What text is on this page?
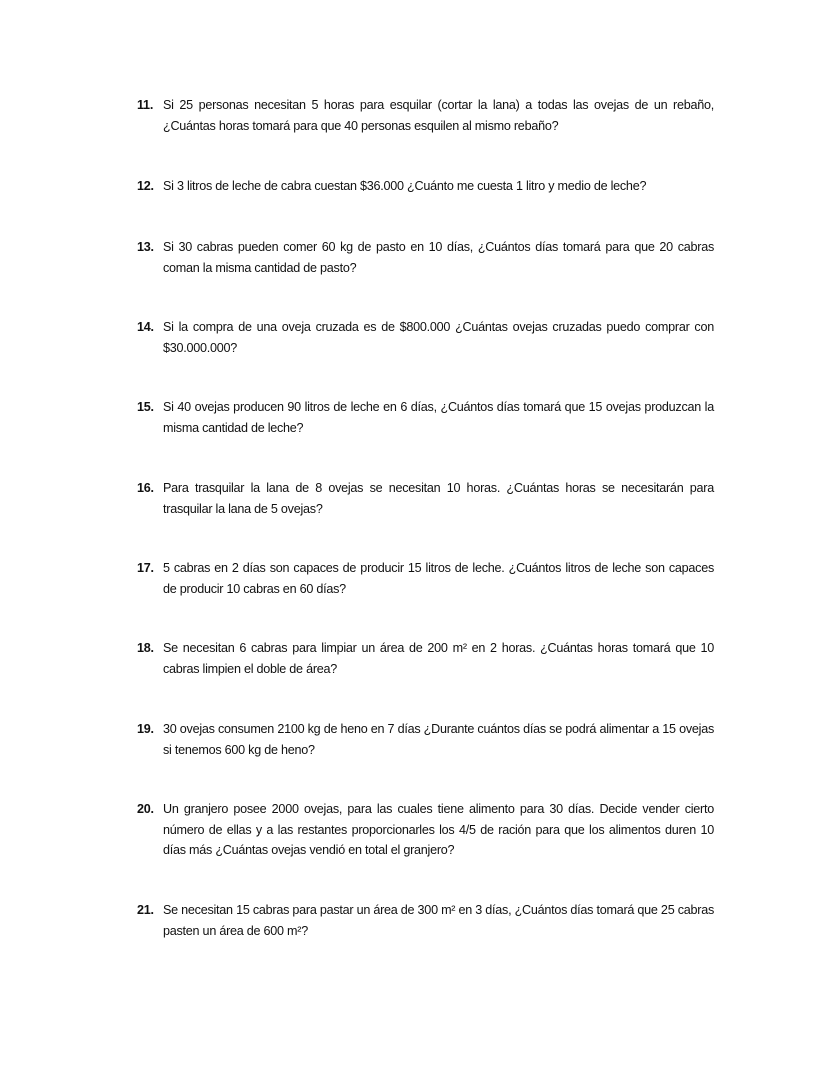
11. Si 25 personas necesitan 5 horas para esquilar (cortar la lana) a todas las ovejas de un rebaño, ¿Cuántas horas tomará para que 40 personas esquilen al mismo rebaño?
12. Si 3 litros de leche de cabra cuestan $36.000 ¿Cuánto me cuesta 1 litro y medio de leche?
13. Si 30 cabras pueden comer 60 kg de pasto en 10 días, ¿Cuántos días tomará para que 20 cabras coman la misma cantidad de pasto?
14. Si la compra de una oveja cruzada es de $800.000 ¿Cuántas ovejas cruzadas puedo comprar con $30.000.000?
15. Si 40 ovejas producen 90 litros de leche en 6 días, ¿Cuántos días tomará que 15 ovejas produzcan la misma cantidad de leche?
16. Para trasquilar la lana de 8 ovejas se necesitan 10 horas. ¿Cuántas horas se necesitarán para trasquilar la lana de 5 ovejas?
17. 5 cabras en 2 días son capaces de producir 15 litros de leche. ¿Cuántos litros de leche son capaces de producir 10 cabras en 60 días?
18. Se necesitan 6 cabras para limpiar un área de 200 m² en 2 horas. ¿Cuántas horas tomará que 10 cabras limpien el doble de área?
19. 30 ovejas consumen 2100 kg de heno en 7 días ¿Durante cuántos días se podrá alimentar a 15 ovejas si tenemos 600 kg de heno?
20. Un granjero posee 2000 ovejas, para las cuales tiene alimento para 30 días. Decide vender cierto número de ellas y a las restantes proporcionarles los 4/5 de ración para que los alimentos duren 10 días más ¿Cuántas ovejas vendió en total el granjero?
21. Se necesitan 15 cabras para pastar un área de 300 m² en 3 días, ¿Cuántos días tomará que 25 cabras pasten un área de 600 m²?
